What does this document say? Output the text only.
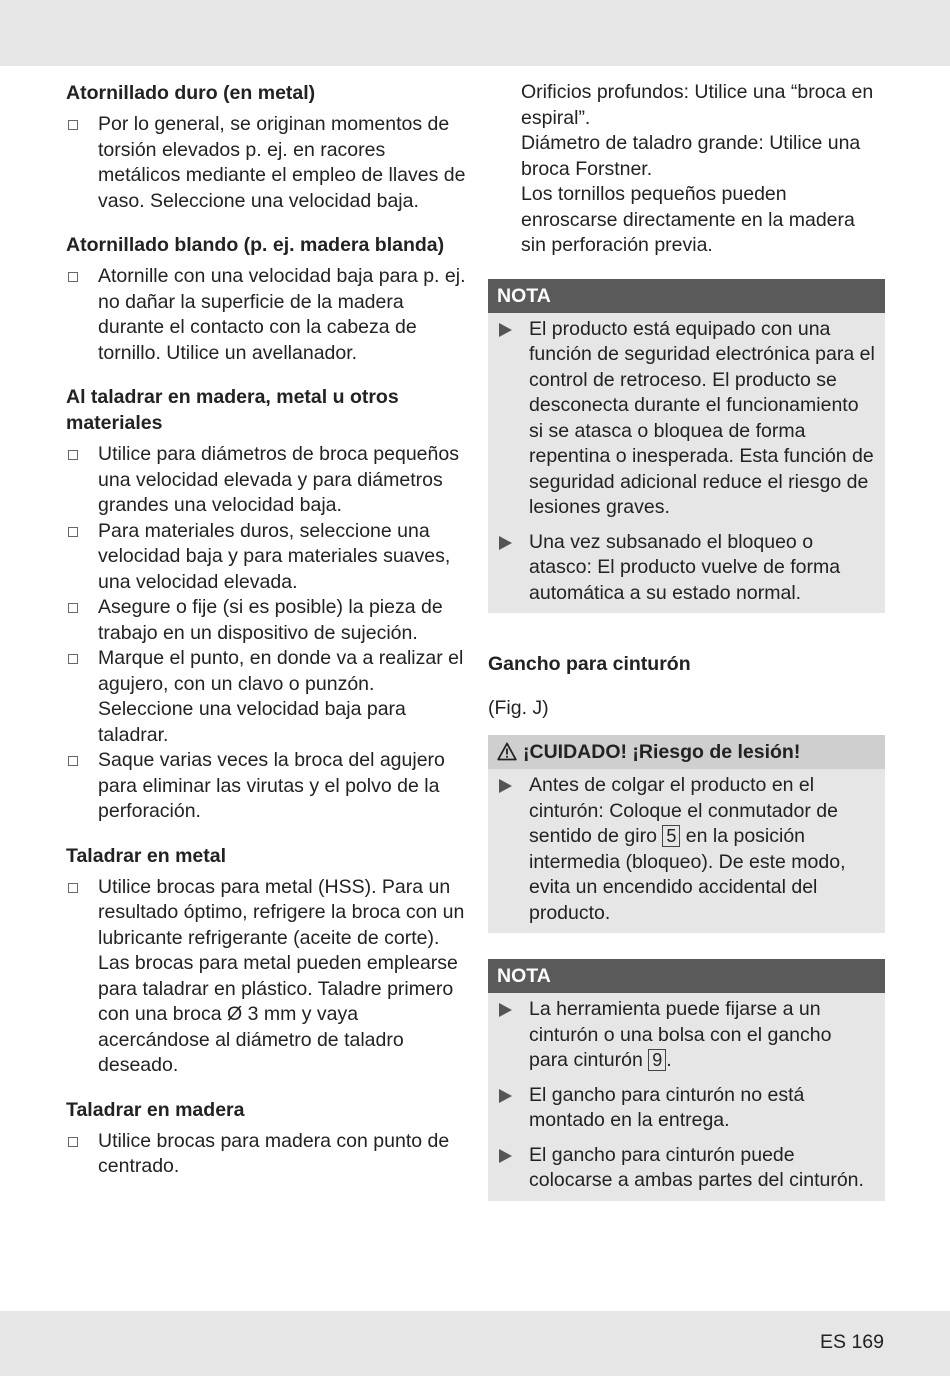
Atornillado duro (en metal)
Por lo general, se originan momentos de torsión elevados p. ej. en racores metálicos mediante el empleo de llaves de vaso. Seleccione una velocidad baja.
Atornillado blando (p. ej. madera blanda)
Atornille con una velocidad baja para p. ej. no dañar la superficie de la madera durante el contacto con la cabeza de tornillo. Utilice un avellanador.
Al taladrar en madera, metal u otros materiales
Utilice para diámetros de broca pequeños una velocidad elevada y para diámetros grandes una velocidad baja.
Para materiales duros, seleccione una velocidad baja y para materiales suaves, una velocidad elevada.
Asegure o fije (si es posible) la pieza de trabajo en un dispositivo de sujeción.
Marque el punto, en donde va a realizar el agujero, con un clavo o punzón. Seleccione una velocidad baja para taladrar.
Saque varias veces la broca del agujero para eliminar las virutas y el polvo de la perforación.
Taladrar en metal
Utilice brocas para metal (HSS). Para un resultado óptimo, refrigere la broca con un lubricante refrigerante (aceite de corte). Las brocas para metal pueden emplearse para taladrar en plástico. Taladre primero con una broca Ø 3 mm y vaya acercándose al diámetro de taladro deseado.
Taladrar en madera
Utilice brocas para madera con punto de centrado.

Orificios profundos: Utilice una “broca en espiral”.

Diámetro de taladro grande: Utilice una broca Forstner.

Los tornillos pequeños pueden enroscarse directamente en la madera sin perforación previa.

NOTA
El producto está equipado con una función de seguridad electrónica para el control de retroceso. El producto se desconecta durante el funcionamiento si se atasca o bloquea de forma repentina o inesperada. Esta función de seguridad adicional reduce el riesgo de lesiones graves.
Una vez subsanado el bloqueo o atasco: El producto vuelve de forma automática a su estado normal.
Gancho para cinturón
(Fig. J)
¡CUIDADO! ¡Riesgo de lesión!
Antes de colgar el producto en el cinturón: Coloque el conmutador de sentido de giro 5 en la posición intermedia (bloqueo). De este modo, evita un encendido accidental del producto.
NOTA
La herramienta puede fijarse a un cinturón o una bolsa con el gancho para cinturón 9 .
El gancho para cinturón no está montado en la entrega.
El gancho para cinturón puede colocarse a ambas partes del cinturón.
ES 169
